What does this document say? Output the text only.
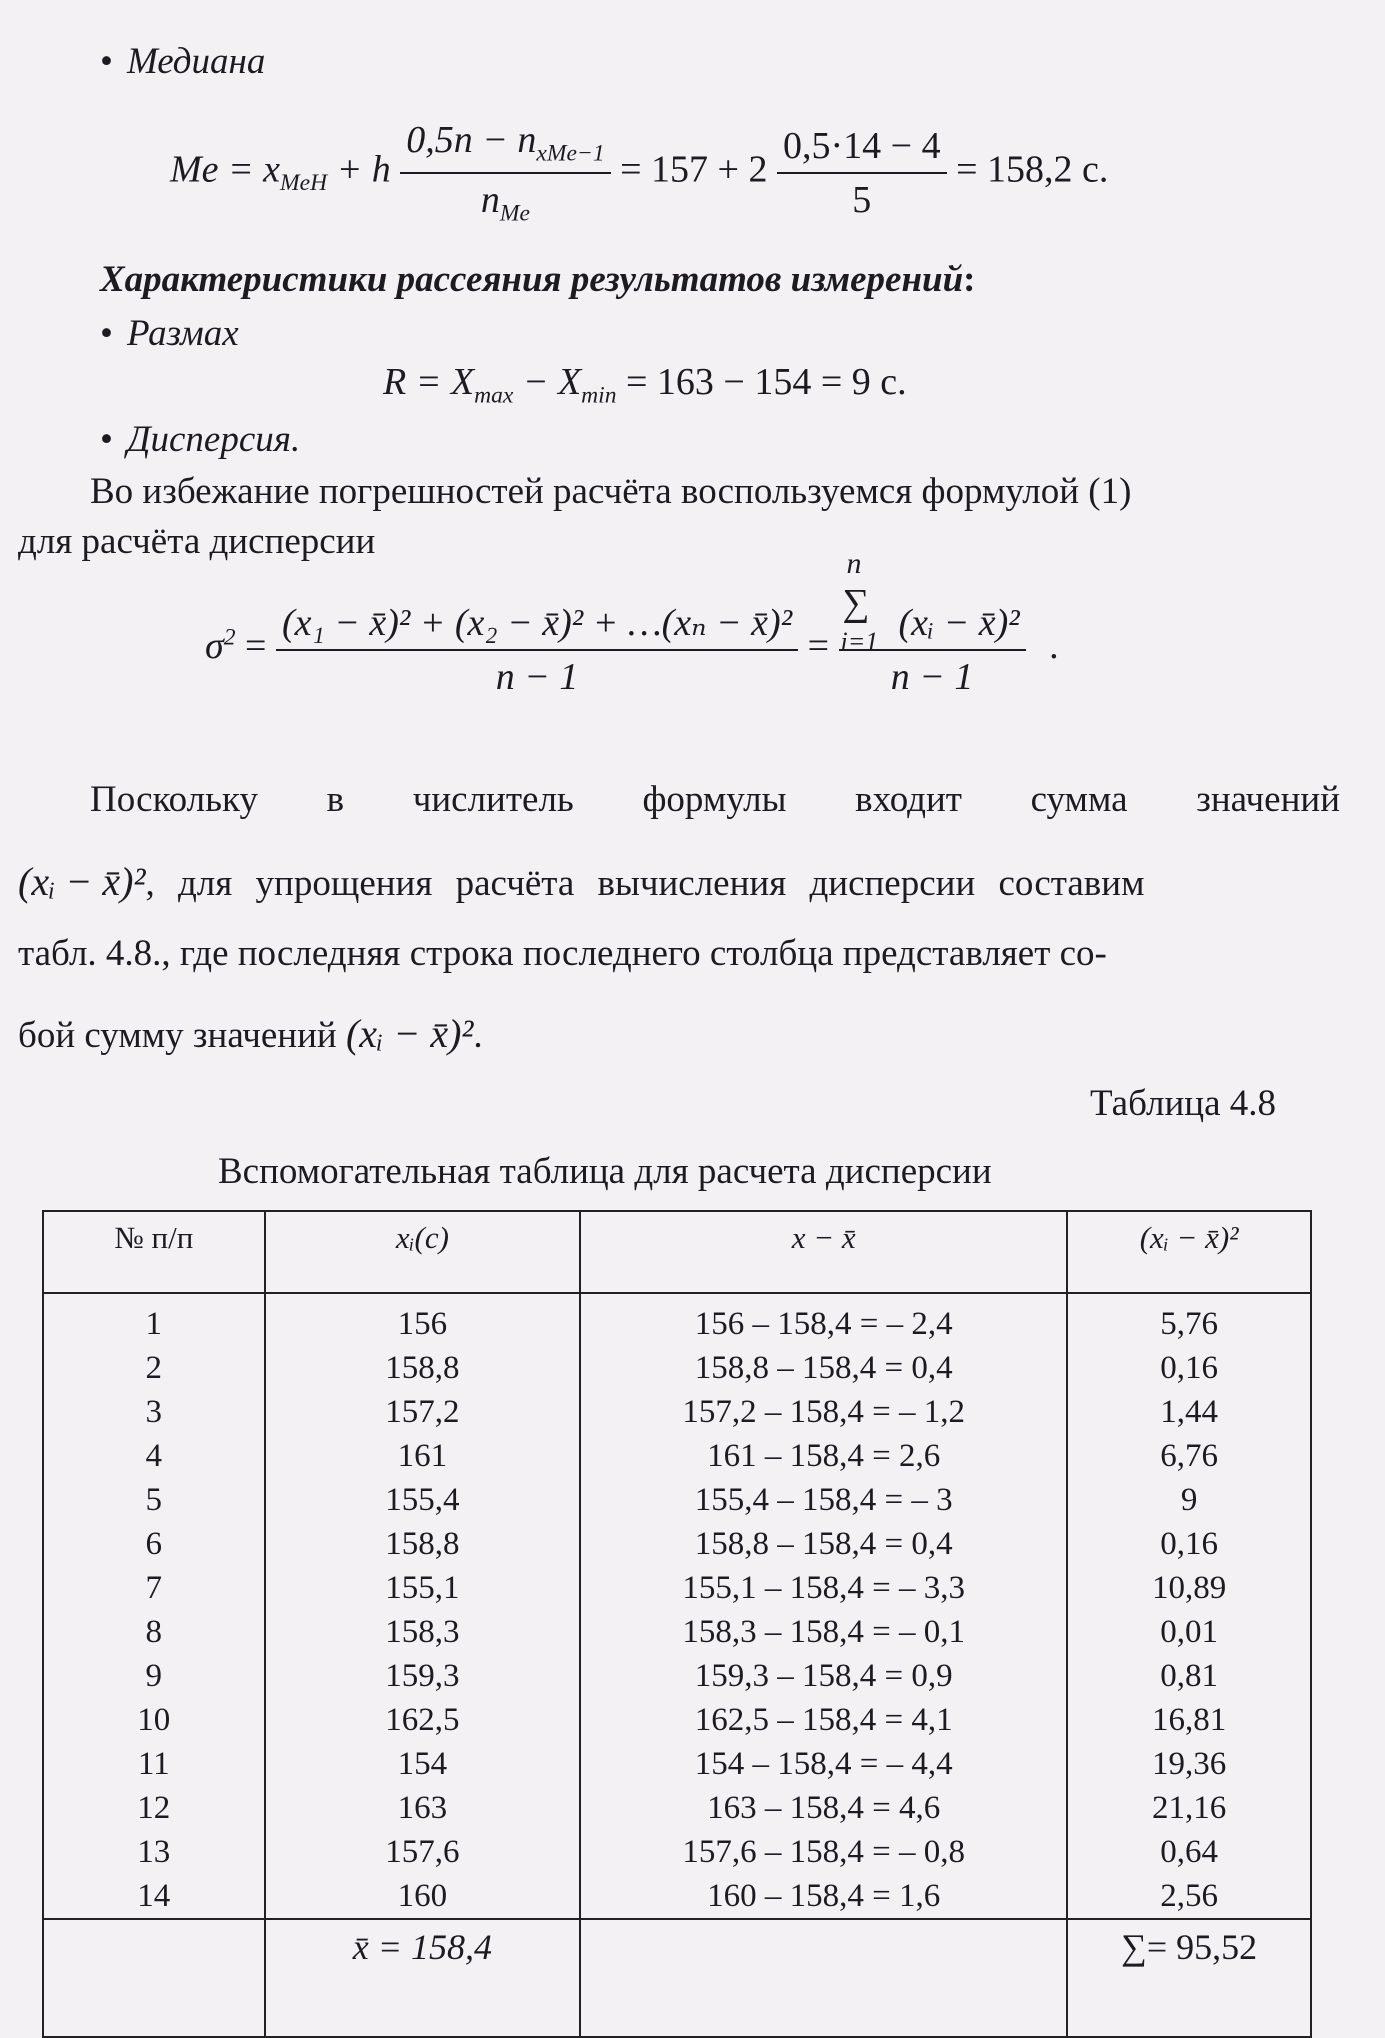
• Медиана
$Me = x_{MeH} + h \frac{0,5n - n_{xMe-1}}{n_{Me}} = 157 + 2 \frac{0,5\cdot 14 - 4}{5} = 158,2$ с.
Характеристики рассеяния результатов измерений:
• Размах
$R = X_{max} - X_{min} = 163 - 154 = 9$ с.
• Дисперсия.
Во избежание погрешностей расчёта воспользуемся формулой (1)
для расчёта дисперсии
$\sigma^2 = \frac{\text{(x₁ − x̄)² + (x₂ − x̄)² + …(xₙ − x̄)²}}{n - 1} = n$
∑
i=1 (xᵢ − x̄)²
n − 1 .
Поскольку в числитель формулы входит сумма значений
(xᵢ − x̄)², для упрощения расчёта вычисления дисперсии составим
табл. 4.8., где последняя строка последнего столбца представляет со-
бой сумму значений (xᵢ − x̄)².
Таблица 4.8
Вспомогательная таблица для расчета дисперсии
№ п/п	xᵢ(с)	x − x̄	(xᵢ − x̄)²
1	156	156 – 158,4 = – 2,4	5,76
2	158,8	158,8 – 158,4 = 0,4	0,16
3	157,2	157,2 – 158,4 = – 1,2	1,44
4	161	161 – 158,4 = 2,6	6,76
5	155,4	155,4 – 158,4 = – 3	9
6	158,8	158,8 – 158,4 = 0,4	0,16
7	155,1	155,1 – 158,4 = – 3,3	10,89
8	158,3	158,3 – 158,4 = – 0,1	0,01
9	159,3	159,3 – 158,4 = 0,9	0,81
10	162,5	162,5 – 158,4 = 4,1	16,81
11	154	154 – 158,4 = – 4,4	19,36
12	163	163 – 158,4 = 4,6	21,16
13	157,6	157,6 – 158,4 = – 0,8	0,64
14	160	160 – 158,4 = 1,6	2,56
	x̄ = 158,4		∑= 95,52
